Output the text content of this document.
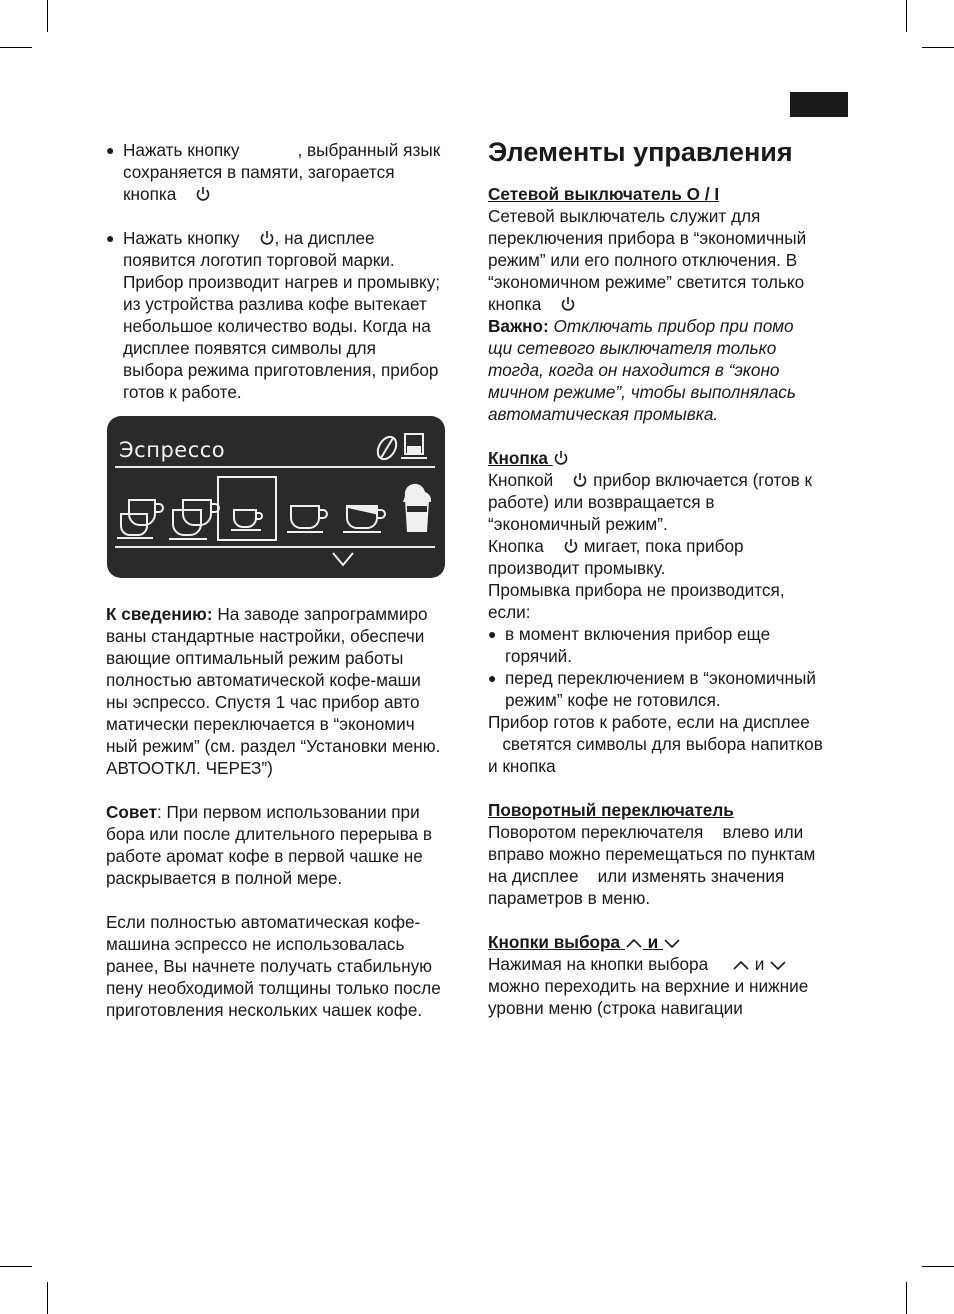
● Нажать кнопку	, выбранный язык
сохраняется в памяти, загорается
кнопка
● Нажать кнопку , на дисплее
появится логотип торговой марки.
Прибор производит нагрев и промывку;
из устройства разлива кофе вытекает
небольшое количество воды. Когда на
дисплее появятся символы для
выбора режима приготовления, прибор
готов к работе.
Эспрессо
К сведению: На заводе запрограммиро
ваны стандартные настройки, обеспечи
вающие оптимальный режим работы
полностью автоматической кофе-маши
ны эспрессо. Спустя 1 час прибор авто
матически переключается в “экономич
ный режим” (см. раздел “Установки меню.
АВТООТКЛ. ЧЕРЕЗ”)
Совет: При первом использовании при
бора или после длительного перерыва в
работе аромат кофе в первой чашке не
раскрывается в полной мере.
Если полностью автоматическая кофе-
машина эспрессо не использовалась
ранее, Вы начнете получать стабильную
пену необходимой толщины только после
приготовления нескольких чашек кофе.
Элементы управления
Сетевой выключатель O / I
Сетевой выключатель служит для
переключения прибора в “экономичный
режим” или его полного отключения. В
“экономичном режиме” светится только
кнопка
Важно: Отключать прибор при помо
щи сетевого выключателя только
тогда, когда он находится в “эконо
мичном режиме”, чтобы выполнялась
автоматическая промывка.
Кнопка
Кнопкой     прибор включается (готов к
работе) или возвращается в
“экономичный режим”.
Кнопка     мигает, пока прибор
производит промывку.
Промывка прибора не производится,
если:
● в момент включения прибор еще
горячий.
● перед переключением в “экономичный
режим” кофе не готовился.
Прибор готов к работе, если на дисплее
светятся символы для выбора напитков
и кнопка
Поворотный переключатель
Поворотом переключателя    влево или
вправо можно перемещаться по пунктам
на дисплее    или изменять значения
параметров в меню.
Кнопки выбора  и
Нажимая на кнопки выбора      и
можно переходить на верхние и нижние
уровни меню (строка навигации
